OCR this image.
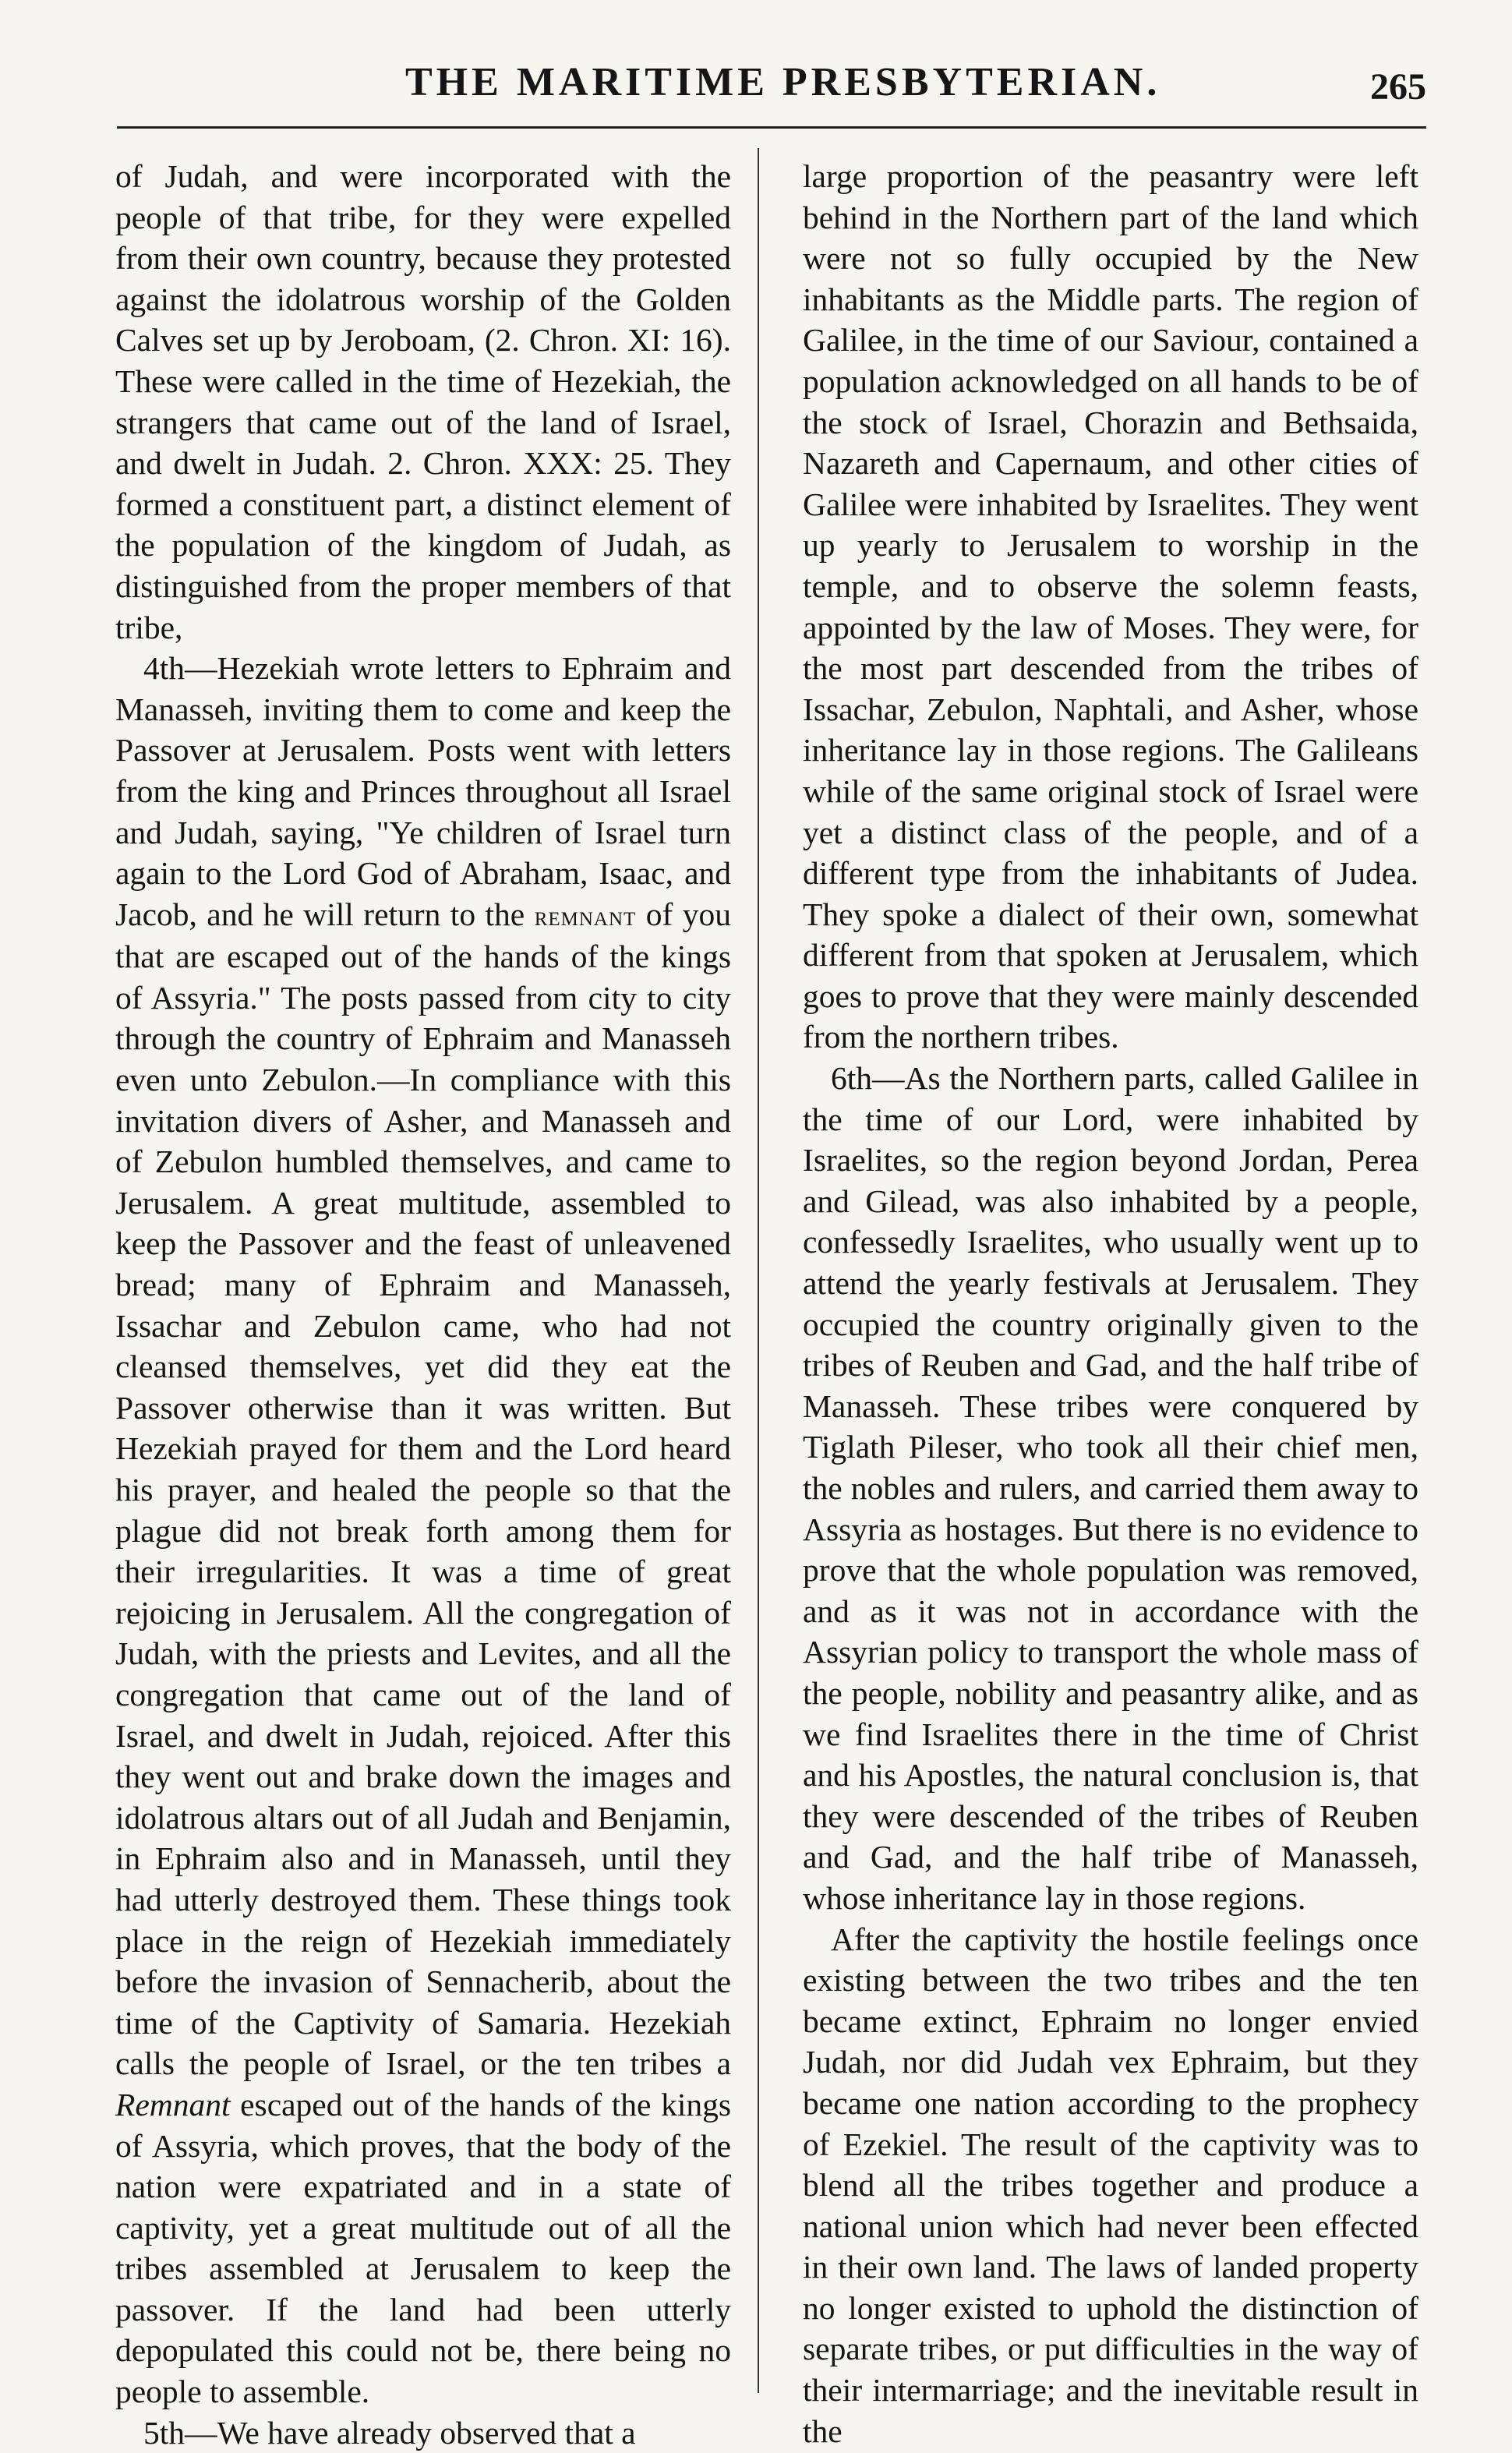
THE MARITIME PRESBYTERIAN.	265

of Judah, and were incorporated with the people of that tribe, for they were expelled from their own country, because they protested against the idolatrous worship of the Golden Calves set up by Jeroboam, (2. Chron. XI: 16). These were called in the time of Hezekiah, the strangers that came out of the land of Israel, and dwelt in Judah. 2. Chron. XXX: 25. They formed a constituent part, a distinct element of the population of the kingdom of Judah, as distinguished from the proper members of that tribe,

4th—Hezekiah wrote letters to Ephraim and Manasseh, inviting them to come and keep the Passover at Jerusalem. Posts went with letters from the king and Princes throughout all Israel and Judah, saying, "Ye children of Israel turn again to the Lord God of Abraham, Isaac, and Jacob, and he will return to the remnant of you that are escaped out of the hands of the kings of Assyria." The posts passed from city to city through the country of Ephraim and Manasseh even unto Zebulon.—In compliance with this invitation divers of Asher, and Manasseh and of Zebulon humbled themselves, and came to Jerusalem. A great multitude, assembled to keep the Passover and the feast of unleavened bread; many of Ephraim and Manasseh, Issachar and Zebulon came, who had not cleansed themselves, yet did they eat the Passover otherwise than it was written. But Hezekiah prayed for them and the Lord heard his prayer, and healed the people so that the plague did not break forth among them for their irregularities. It was a time of great rejoicing in Jerusalem. All the congregation of Judah, with the priests and Levites, and all the congregation that came out of the land of Israel, and dwelt in Judah, rejoiced. After this they went out and brake down the images and idolatrous altars out of all Judah and Benjamin, in Ephraim also and in Manasseh, until they had utterly destroyed them. These things took place in the reign of Hezekiah immediately before the invasion of Sennacherib, about the time of the Captivity of Samaria. Hezekiah calls the people of Israel, or the ten tribes a Remnant escaped out of the hands of the kings of Assyria, which proves, that the body of the nation were expatriated and in a state of captivity, yet a great multitude out of all the tribes assembled at Jerusalem to keep the passover. If the land had been utterly depopulated this could not be, there being no people to assemble.

5th—We have already observed that a

large proportion of the peasantry were left behind in the Northern part of the land which were not so fully occupied by the New inhabitants as the Middle parts. The region of Galilee, in the time of our Saviour, contained a population acknowledged on all hands to be of the stock of Israel, Chorazin and Bethsaida, Nazareth and Capernaum, and other cities of Galilee were inhabited by Israelites. They went up yearly to Jerusalem to worship in the temple, and to observe the solemn feasts, appointed by the law of Moses. They were, for the most part descended from the tribes of Issachar, Zebulon, Naphtali, and Asher, whose inheritance lay in those regions. The Galileans while of the same original stock of Israel were yet a distinct class of the people, and of a different type from the inhabitants of Judea. They spoke a dialect of their own, somewhat different from that spoken at Jerusalem, which goes to prove that they were mainly descended from the northern tribes.

6th—As the Northern parts, called Galilee in the time of our Lord, were inhabited by Israelites, so the region beyond Jordan, Perea and Gilead, was also inhabited by a people, confessedly Israelites, who usually went up to attend the yearly festivals at Jerusalem. They occupied the country originally given to the tribes of Reuben and Gad, and the half tribe of Manasseh. These tribes were conquered by Tiglath Pileser, who took all their chief men, the nobles and rulers, and carried them away to Assyria as hostages. But there is no evidence to prove that the whole population was removed, and as it was not in accordance with the Assyrian policy to transport the whole mass of the people, nobility and peasantry alike, and as we find Israelites there in the time of Christ and his Apostles, the natural conclusion is, that they were descended of the tribes of Reuben and Gad, and the half tribe of Manasseh, whose inheritance lay in those regions.

After the captivity the hostile feelings once existing between the two tribes and the ten became extinct, Ephraim no longer envied Judah, nor did Judah vex Ephraim, but they became one nation according to the prophecy of Ezekiel. The result of the captivity was to blend all the tribes together and produce a national union which had never been effected in their own land. The laws of landed property no longer existed to uphold the distinction of separate tribes, or put difficulties in the way of their intermarriage; and the inevitable result in the
